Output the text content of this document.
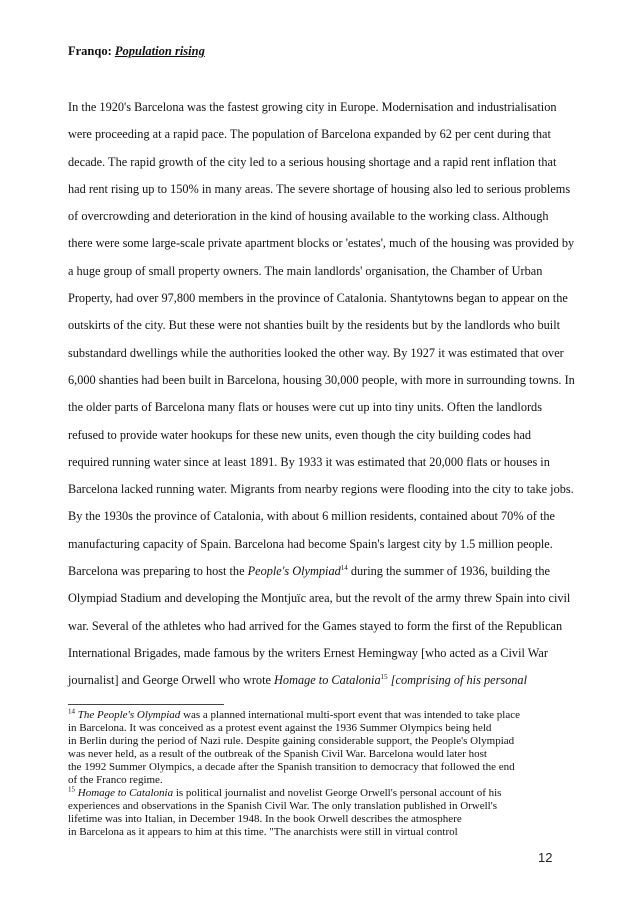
Franqo: Population rising
In the 1920's Barcelona was the fastest growing city in Europe. Modernisation and industrialisation
were proceeding at a rapid pace. The population of Barcelona expanded by 62 per cent during that
decade. The rapid growth of the city led to a serious housing shortage and a rapid rent inflation that
had rent rising up to 150% in many areas. The severe shortage of housing also led to serious problems
of overcrowding and deterioration in the kind of housing available to the working class. Although
there were some large-scale private apartment blocks or 'estates', much of the housing was provided by
a huge group of small property owners. The main landlords' organisation, the Chamber of Urban
Property, had over 97,800 members in the province of Catalonia. Shantytowns began to appear on the
outskirts of the city. But these were not shanties built by the residents but by the landlords who built
substandard dwellings while the authorities looked the other way. By 1927 it was estimated that over
6,000 shanties had been built in Barcelona, housing 30,000 people, with more in surrounding towns. In
the older parts of Barcelona many flats or houses were cut up into tiny units. Often the landlords
refused to provide water hookups for these new units, even though the city building codes had
required running water since at least 1891. By 1933 it was estimated that 20,000 flats or houses in
Barcelona lacked running water. Migrants from nearby regions were flooding into the city to take jobs.
By the 1930s the province of Catalonia, with about 6 million residents, contained about 70% of the
manufacturing capacity of Spain. Barcelona had become Spain's largest city by 1.5 million people.
Barcelona was preparing to host the People's Olympiad$^{14}$ during the summer of 1936, building the
Olympiad Stadium and developing the Montjuïc area, but the revolt of the army threw Spain into civil
war. Several of the athletes who had arrived for the Games stayed to form the first of the Republican
International Brigades, made famous by the writers Ernest Hemingway [who acted as a Civil War
journalist] and George Orwell who wrote Homage to Catalonia$^{15}$ [comprising of his personal
$^{14}$ The People's Olympiad was a planned international multi-sport event that was intended to take place
in Barcelona. It was conceived as a protest event against the 1936 Summer Olympics being held
in Berlin during the period of Nazi rule. Despite gaining considerable support, the People's Olympiad
was never held, as a result of the outbreak of the Spanish Civil War. Barcelona would later host
the 1992 Summer Olympics, a decade after the Spanish transition to democracy that followed the end
of the Franco regime.
$^{15}$ Homage to Catalonia is political journalist and novelist George Orwell's personal account of his
experiences and observations in the Spanish Civil War. The only translation published in Orwell's
lifetime was into Italian, in December 1948. In the book Orwell describes the atmosphere
in Barcelona as it appears to him at this time. "The anarchists were still in virtual control
12
